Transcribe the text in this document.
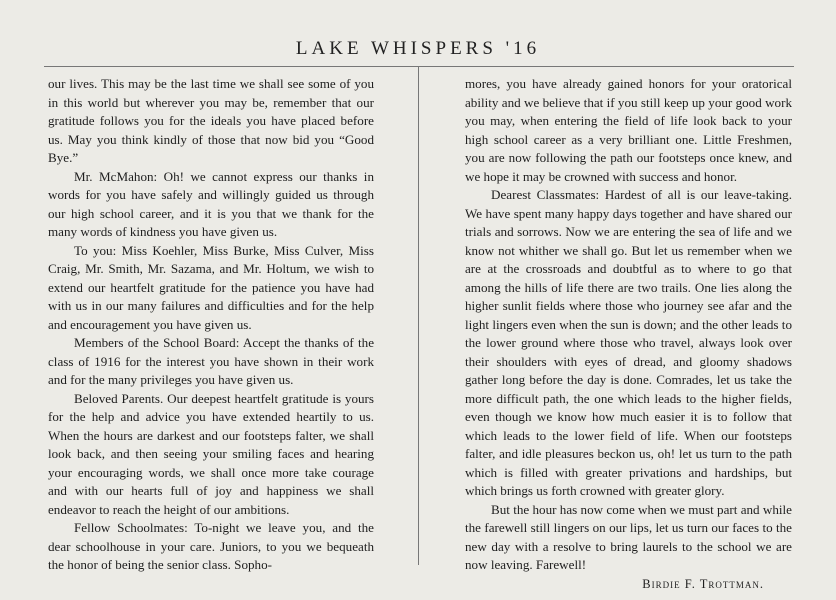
LAKE WHISPERS '16

our lives. This may be the last time we shall see some of you in this world but wherever you may be, remember that our gratitude follows you for the ideals you have placed before us. May you think kindly of those that now bid you “Good Bye.”

Mr. McMahon: Oh! we cannot express our thanks in words for you have safely and willingly guided us through our high school career, and it is you that we thank for the many words of kindness you have given us.

To you: Miss Koehler, Miss Burke, Miss Culver, Miss Craig, Mr. Smith, Mr. Sazama, and Mr. Holtum, we wish to extend our heartfelt gratitude for the patience you have had with us in our many failures and difficulties and for the help and encouragement you have given us.

Members of the School Board: Accept the thanks of the class of 1916 for the interest you have shown in their work and for the many privileges you have given us.

Beloved Parents. Our deepest heartfelt gratitude is yours for the help and advice you have extended heartily to us. When the hours are darkest and our footsteps falter, we shall look back, and then seeing your smiling faces and hearing your encouraging words, we shall once more take courage and with our hearts full of joy and happiness we shall endeavor to reach the height of our ambitions.

Fellow Schoolmates: To-night we leave you, and the dear schoolhouse in your care. Juniors, to you we bequeath the honor of being the senior class. Sopho-

mores, you have already gained honors for your oratorical ability and we believe that if you still keep up your good work you may, when entering the field of life look back to your high school career as a very brilliant one. Little Freshmen, you are now following the path our footsteps once knew, and we hope it may be crowned with success and honor.

Dearest Classmates: Hardest of all is our leave-taking. We have spent many happy days together and have shared our trials and sorrows. Now we are entering the sea of life and we know not whither we shall go. But let us remember when we are at the crossroads and doubtful as to where to go that among the hills of life there are two trails. One lies along the higher sunlit fields where those who journey see afar and the light lingers even when the sun is down; and the other leads to the lower ground where those who travel, always look over their shoulders with eyes of dread, and gloomy shadows gather long before the day is done. Comrades, let us take the more difficult path, the one which leads to the higher fields, even though we know how much easier it is to follow that which leads to the lower field of life. When our footsteps falter, and idle pleasures beckon us, oh! let us turn to the path which is filled with greater privations and hardships, but which brings us forth crowned with greater glory.

But the hour has now come when we must part and while the farewell still lingers on our lips, let us turn our faces to the new day with a resolve to bring laurels to the school we are now leaving. Farewell!

Birdie F. Trottman.
